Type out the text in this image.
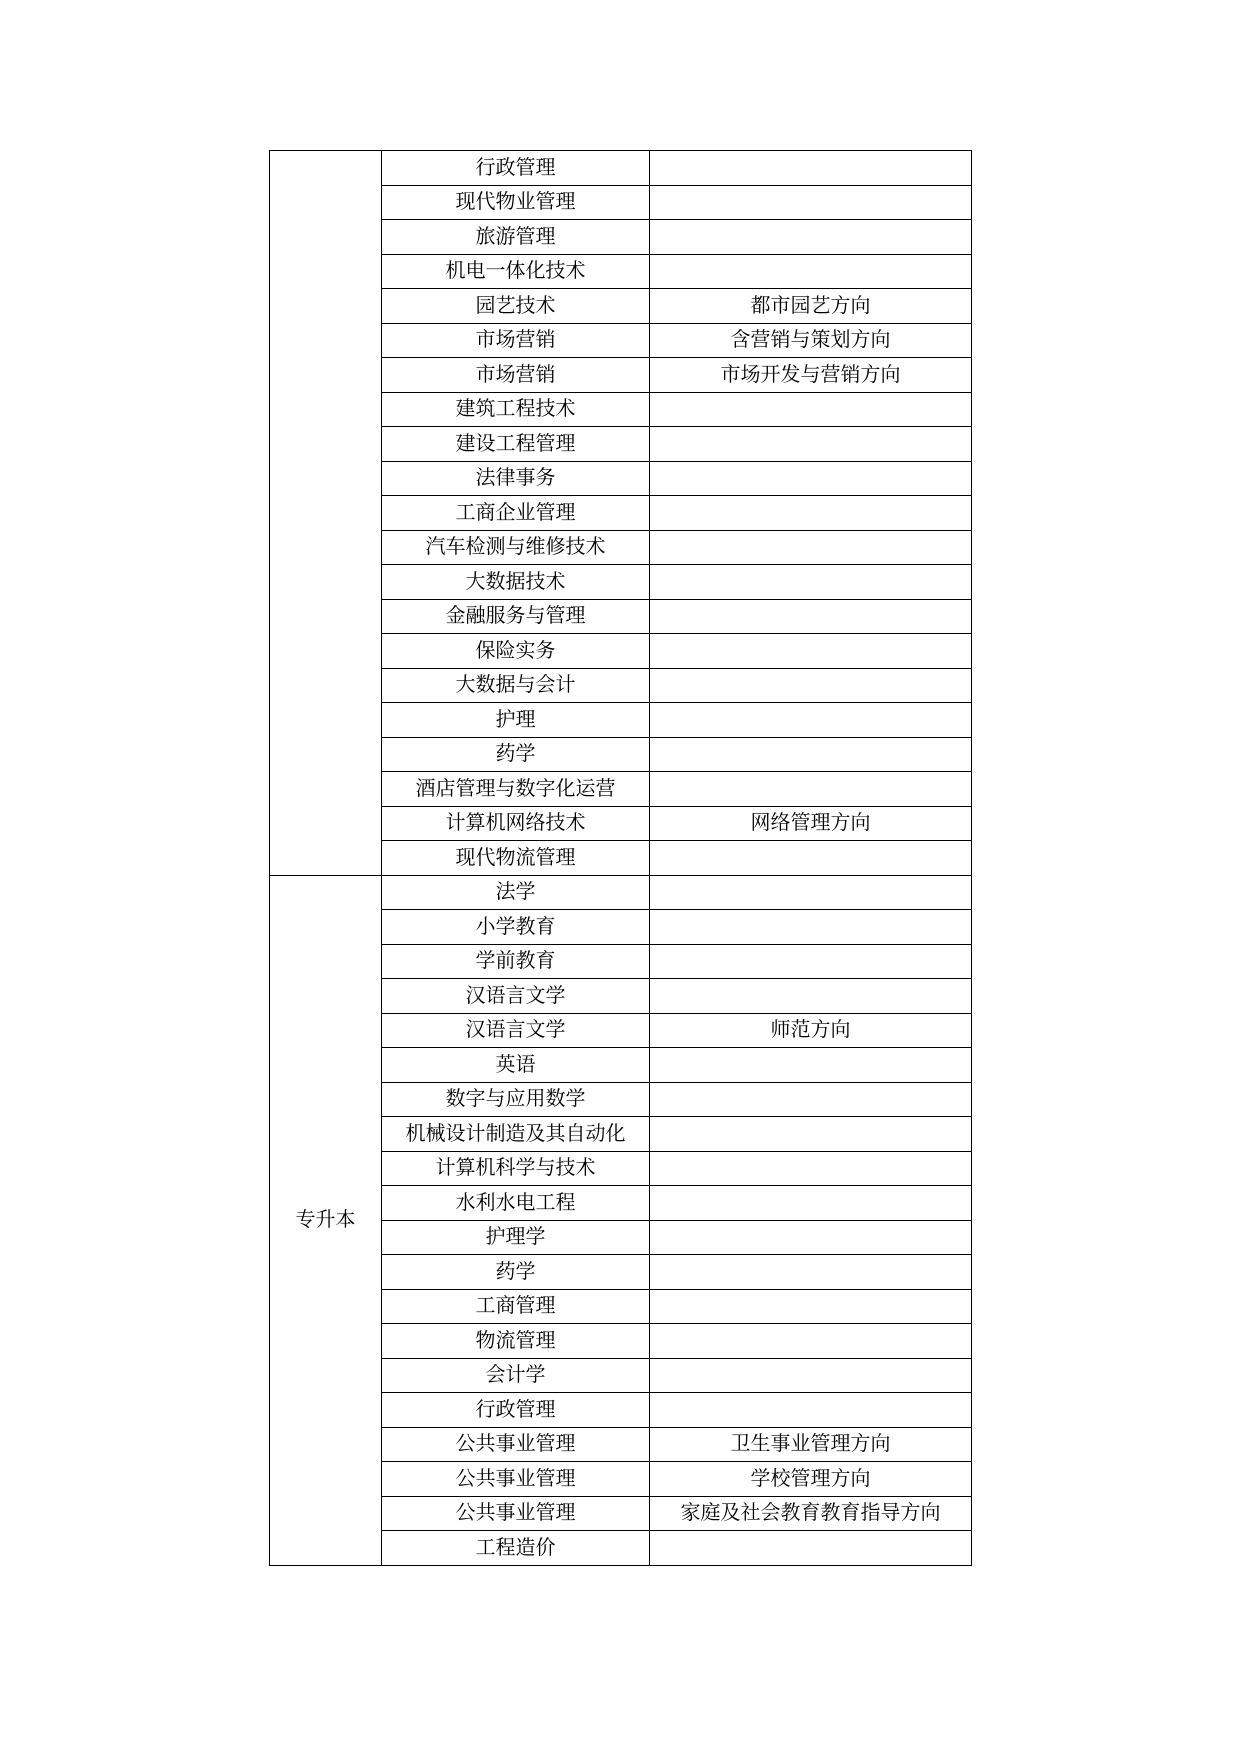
	行政管理	
	现代物业管理	
	旅游管理	
	机电一体化技术	
	园艺技术	都市园艺方向
	市场营销	含营销与策划方向
	市场营销	市场开发与营销方向
	建筑工程技术	
	建设工程管理	
	法律事务	
	工商企业管理	
	汽车检测与维修技术	
	大数据技术	
	金融服务与管理	
	保险实务	
	大数据与会计	
	护理	
	药学	
	酒店管理与数字化运营	
	计算机网络技术	网络管理方向
	现代物流管理	
专升本	法学	
	小学教育	
	学前教育	
	汉语言文学	
	汉语言文学	师范方向
	英语	
	数字与应用数学	
	机械设计制造及其自动化	
	计算机科学与技术	
	水利水电工程	
	护理学	
	药学	
	工商管理	
	物流管理	
	会计学	
	行政管理	
	公共事业管理	卫生事业管理方向
	公共事业管理	学校管理方向
	公共事业管理	家庭及社会教育教育指导方向
	工程造价	
